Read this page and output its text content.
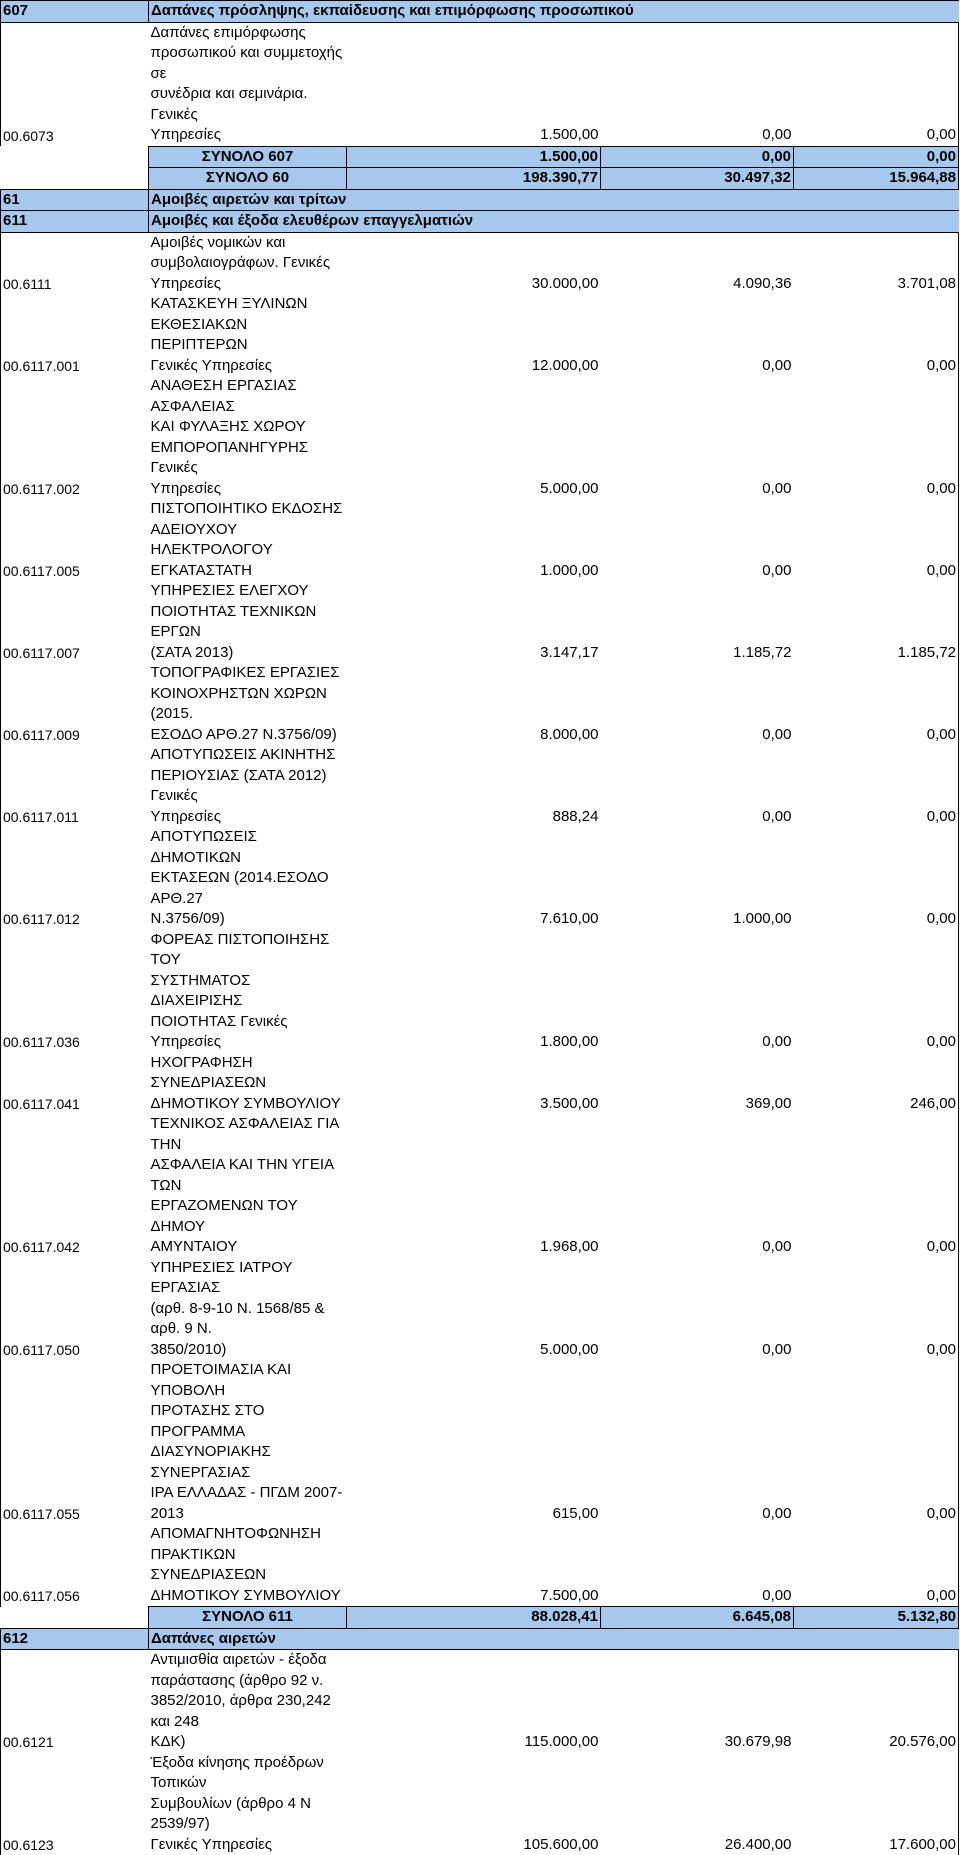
607	Δαπάνες πρόσληψης, εκπαίδευσης και επιμόρφωσης προσωπικού			
00.6073	Δαπάνες επιμόρφωσης
προσωπικού και συμμετοχής σε
συνέδρια και σεμινάρια. Γενικές
Υπηρεσίες	1.500,00	0,00	0,00
	ΣΥΝΟΛΟ 607	1.500,00	0,00	0,00
	ΣΥΝΟΛΟ 60	198.390,77	30.497,32	15.964,88
61	Αμοιβές αιρετών και τρίτων			
611	Αμοιβές και έξοδα ελευθέρων επαγγελματιών			
00.6111	Αμοιβές νομικών και
συμβολαιογράφων. Γενικές
Υπηρεσίες	30.000,00	4.090,36	3.701,08
00.6117.001	ΚΑΤΑΣΚΕΥΗ ΞΥΛΙΝΩΝ
ΕΚΘΕΣΙΑΚΩΝ ΠΕΡΙΠΤΕΡΩΝ
Γενικές Υπηρεσίες	12.000,00	0,00	0,00
00.6117.002	ΑΝΑΘΕΣΗ ΕΡΓΑΣΙΑΣ ΑΣΦΑΛΕΙΑΣ
ΚΑΙ ΦΥΛΑΞΗΣ ΧΩΡΟΥ
ΕΜΠΟΡΟΠΑΝΗΓΥΡΗΣ Γενικές
Υπηρεσίες	5.000,00	0,00	0,00
00.6117.005	ΠΙΣΤΟΠΟΙΗΤΙΚΟ ΕΚΔΟΣΗΣ
ΑΔΕΙΟΥΧΟΥ ΗΛΕΚΤΡΟΛΟΓΟΥ
ΕΓΚΑΤΑΣΤΑΤΗ	1.000,00	0,00	0,00
00.6117.007	ΥΠΗΡΕΣΙΕΣ ΕΛΕΓΧΟΥ
ΠΟΙΟΤΗΤΑΣ ΤΕΧΝΙΚΩΝ ΕΡΓΩΝ
(ΣΑΤΑ 2013)	3.147,17	1.185,72	1.185,72
00.6117.009	ΤΟΠΟΓΡΑΦΙΚΕΣ ΕΡΓΑΣΙΕΣ
ΚΟΙΝΟΧΡΗΣΤΩΝ ΧΩΡΩΝ (2015.
ΕΣΟΔΟ ΑΡΘ.27 Ν.3756/09)	8.000,00	0,00	0,00
00.6117.011	ΑΠΟΤΥΠΩΣΕΙΣ ΑΚΙΝΗΤΗΣ
ΠΕΡΙΟΥΣΙΑΣ (ΣΑΤΑ 2012) Γενικές
Υπηρεσίες	888,24	0,00	0,00
00.6117.012	ΑΠΟΤΥΠΩΣΕΙΣ ΔΗΜΟΤΙΚΩΝ
ΕΚΤΑΣΕΩΝ (2014.ΕΣΟΔΟ ΑΡΘ.27
Ν.3756/09)	7.610,00	1.000,00	0,00
00.6117.036	ΦΟΡΕΑΣ ΠΙΣΤΟΠΟΙΗΣΗΣ ΤΟΥ
ΣΥΣΤΗΜΑΤΟΣ ΔΙΑΧΕΙΡΙΣΗΣ
ΠΟΙΟΤΗΤΑΣ Γενικές Υπηρεσίες	1.800,00	0,00	0,00
00.6117.041	ΗΧΟΓΡΑΦΗΣΗ ΣΥΝΕΔΡΙΑΣΕΩΝ
ΔΗΜΟΤΙΚΟΥ ΣΥΜΒΟΥΛΙΟΥ	3.500,00	369,00	246,00
00.6117.042	ΤΕΧΝΙΚΟΣ ΑΣΦΑΛΕΙΑΣ ΓΙΑ ΤΗΝ
ΑΣΦΑΛΕΙΑ ΚΑΙ ΤΗΝ ΥΓΕΙΑ ΤΩΝ
ΕΡΓΑΖΟΜΕΝΩΝ ΤΟΥ ΔΗΜΟΥ
ΑΜΥΝΤΑΙΟΥ	1.968,00	0,00	0,00
00.6117.050	ΥΠΗΡΕΣΙΕΣ ΙΑΤΡΟΥ ΕΡΓΑΣΙΑΣ
(αρθ. 8-9-10 Ν. 1568/85 & αρθ. 9 Ν.
3850/2010)	5.000,00	0,00	0,00
00.6117.055	ΠΡΟΕΤΟΙΜΑΣΙΑ ΚΑΙ ΥΠΟΒΟΛΗ
ΠΡΟΤΑΣΗΣ ΣΤΟ ΠΡΟΓΡΑΜΜΑ
ΔΙΑΣΥΝΟΡΙΑΚΗΣ ΣΥΝΕΡΓΑΣΙΑΣ
ΙΡΑ ΕΛΛΑΔΑΣ - ΠΓΔΜ 2007-2013	615,00	0,00	0,00
00.6117.056	ΑΠΟΜΑΓΝΗΤΟΦΩΝΗΣΗ
ΠΡΑΚΤΙΚΩΝ ΣΥΝΕΔΡΙΑΣΕΩΝ
ΔΗΜΟΤΙΚΟΥ ΣΥΜΒΟΥΛΙΟΥ	7.500,00	0,00	0,00
	ΣΥΝΟΛΟ 611	88.028,41	6.645,08	5.132,80
612	Δαπάνες αιρετών			
00.6121	Αντιμισθία αιρετών - έξοδα
παράστασης (άρθρο 92 ν.
3852/2010, άρθρα 230,242 και 248
ΚΔΚ)	115.000,00	30.679,98	20.576,00
00.6123	Έξοδα κίνησης προέδρων Τοπικών
Συμβουλίων (άρθρο 4 Ν 2539/97)
Γενικές Υπηρεσίες	105.600,00	26.400,00	17.600,00
